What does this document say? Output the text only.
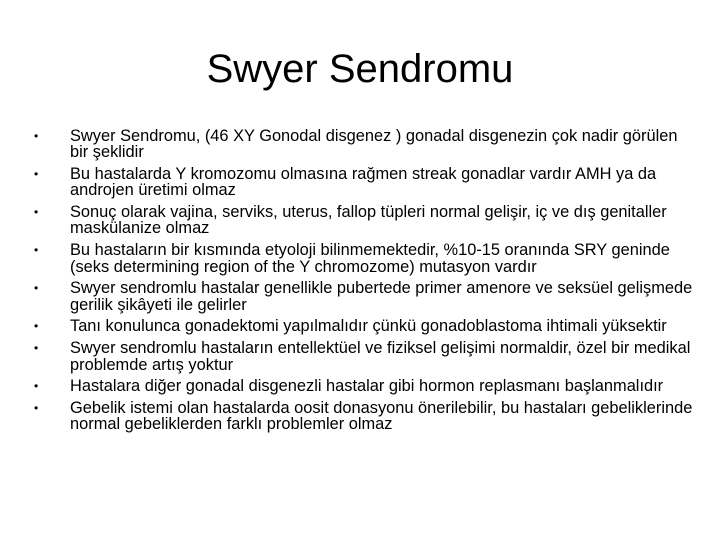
Swyer Sendromu
•	Swyer Sendromu, (46 XY Gonodal disgenez ) gonadal disgenezin çok nadir görülen bir şeklidir
•	Bu hastalarda Y kromozomu olmasına rağmen streak gonadlar vardır AMH ya da androjen üretimi olmaz
•	Sonuç olarak vajina, serviks, uterus, fallop tüpleri normal gelişir, iç ve dış genitaller maskülanize olmaz
•	Bu hastaların bir kısmında etyoloji bilinmemektedir, %10-15 oranında SRY geninde (seks determining region of the Y chromozome) mutasyon vardır
•	Swyer sendromlu hastalar genellikle pubertede primer amenore ve seksüel gelişmede gerilik şikâyeti ile gelirler
•	Tanı konulunca gonadektomi yapılmalıdır çünkü gonadoblastoma ihtimali yüksektir
•	Swyer sendromlu hastaların entellektüel ve fiziksel gelişimi normaldir, özel bir medikal problemde artış yoktur
•	Hastalara diğer gonadal disgenezli hastalar gibi hormon replasmanı başlanmalıdır
•	Gebelik istemi olan hastalarda oosit donasyonu önerilebilir, bu hastaları gebeliklerinde normal gebeliklerden farklı problemler olmaz
